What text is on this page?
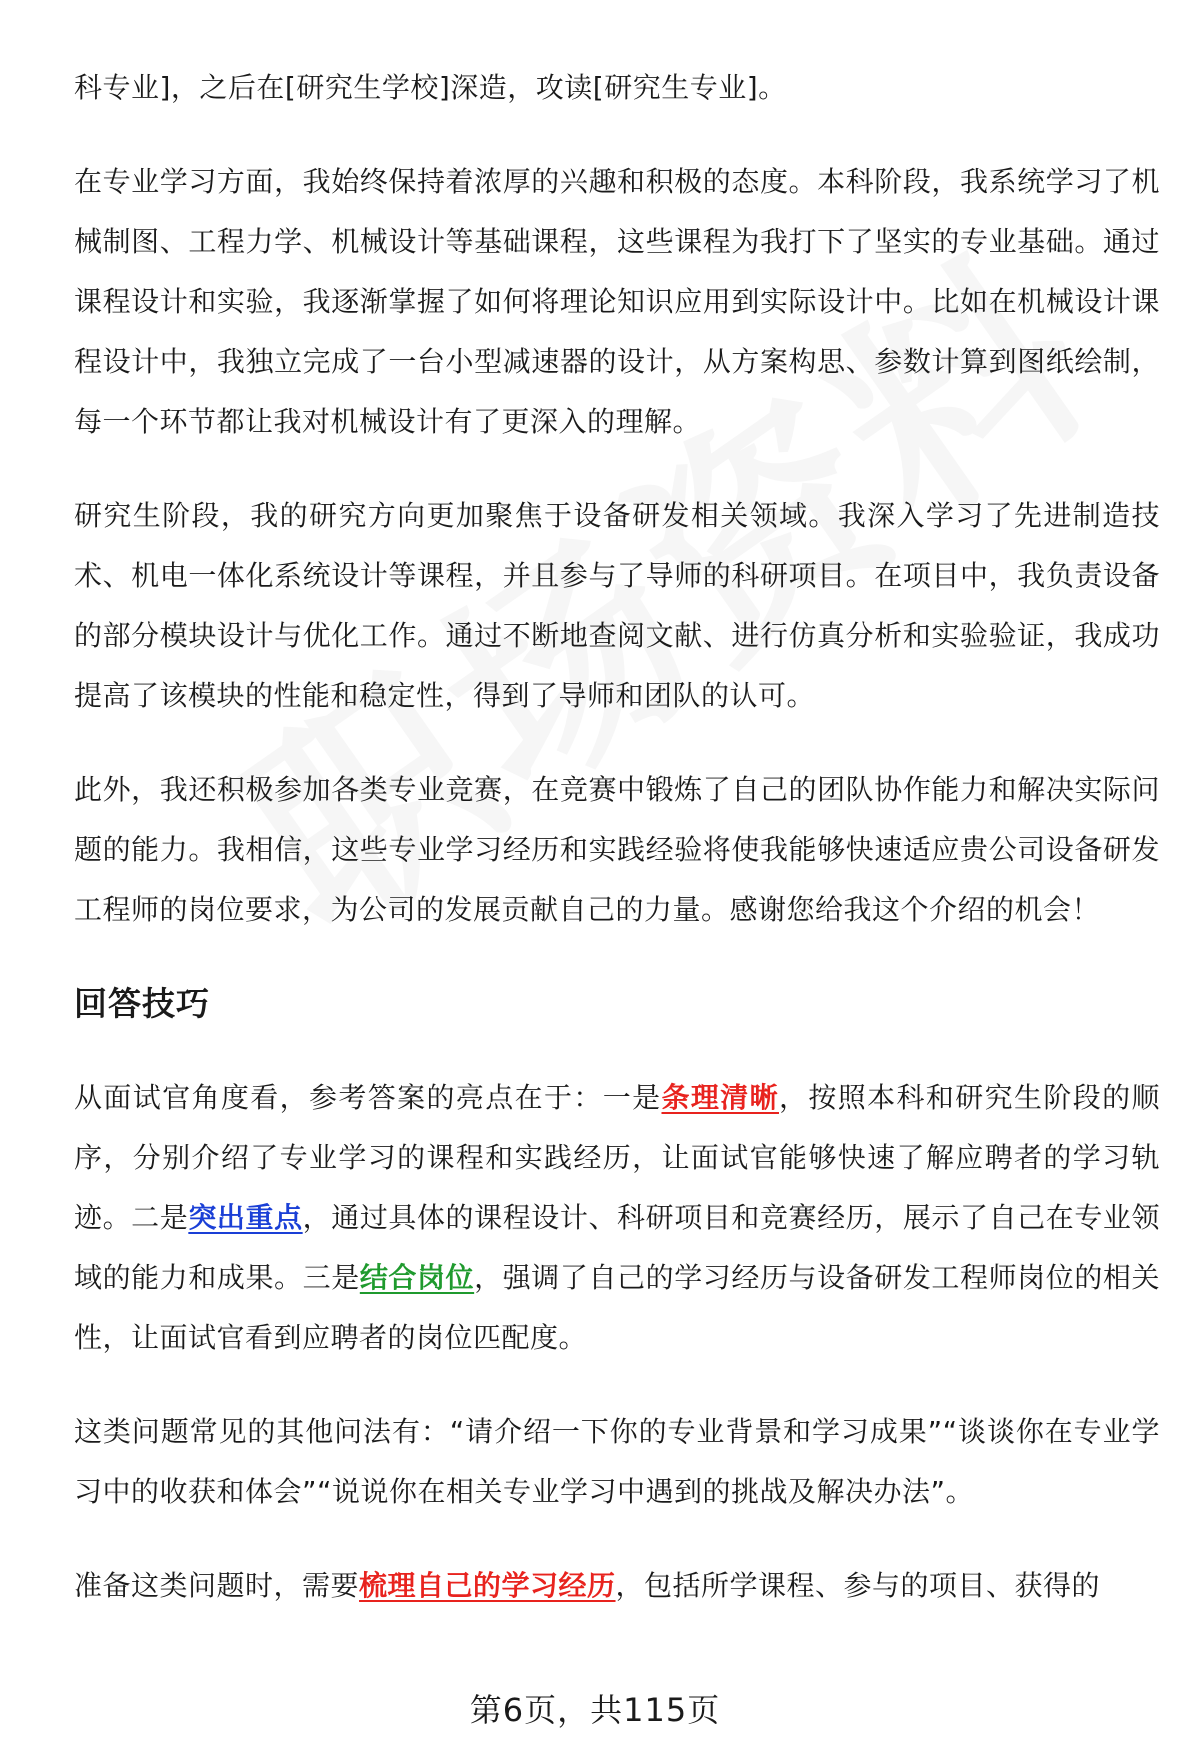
科专业]，之后在[研究生学校]深造，攻读[研究生专业]。

在专业学习方面，我始终保持着浓厚的兴趣和积极的态度。本科阶段，我系统学习了机械制图、工程力学、机械设计等基础课程，这些课程为我打下了坚实的专业基础。通过课程设计和实验，我逐渐掌握了如何将理论知识应用到实际设计中。比如在机械设计课程设计中，我独立完成了一台小型减速器的设计，从方案构思、参数计算到图纸绘制，每一个环节都让我对机械设计有了更深入的理解。

研究生阶段，我的研究方向更加聚焦于设备研发相关领域。我深入学习了先进制造技术、机电一体化系统设计等课程，并且参与了导师的科研项目。在项目中，我负责设备的部分模块设计与优化工作。通过不断地查阅文献、进行仿真分析和实验验证，我成功提高了该模块的性能和稳定性，得到了导师和团队的认可。

此外，我还积极参加各类专业竞赛，在竞赛中锻炼了自己的团队协作能力和解决实际问题的能力。我相信，这些专业学习经历和实践经验将使我能够快速适应贵公司设备研发工程师的岗位要求，为公司的发展贡献自己的力量。感谢您给我这个介绍的机会！

回答技巧

从面试官角度看，参考答案的亮点在于：一是条理清晰，按照本科和研究生阶段的顺序，分别介绍了专业学习的课程和实践经历，让面试官能够快速了解应聘者的学习轨迹。二是突出重点，通过具体的课程设计、科研项目和竞赛经历，展示了自己在专业领域的能力和成果。三是结合岗位，强调了自己的学习经历与设备研发工程师岗位的相关性，让面试官看到应聘者的岗位匹配度。

这类问题常见的其他问法有：“请介绍一下你的专业背景和学习成果”“谈谈你在专业学习中的收获和体会”“说说你在相关专业学习中遇到的挑战及解决办法”。

准备这类问题时，需要梳理自己的学习经历，包括所学课程、参与的项目、获得的

第6页，共115页
